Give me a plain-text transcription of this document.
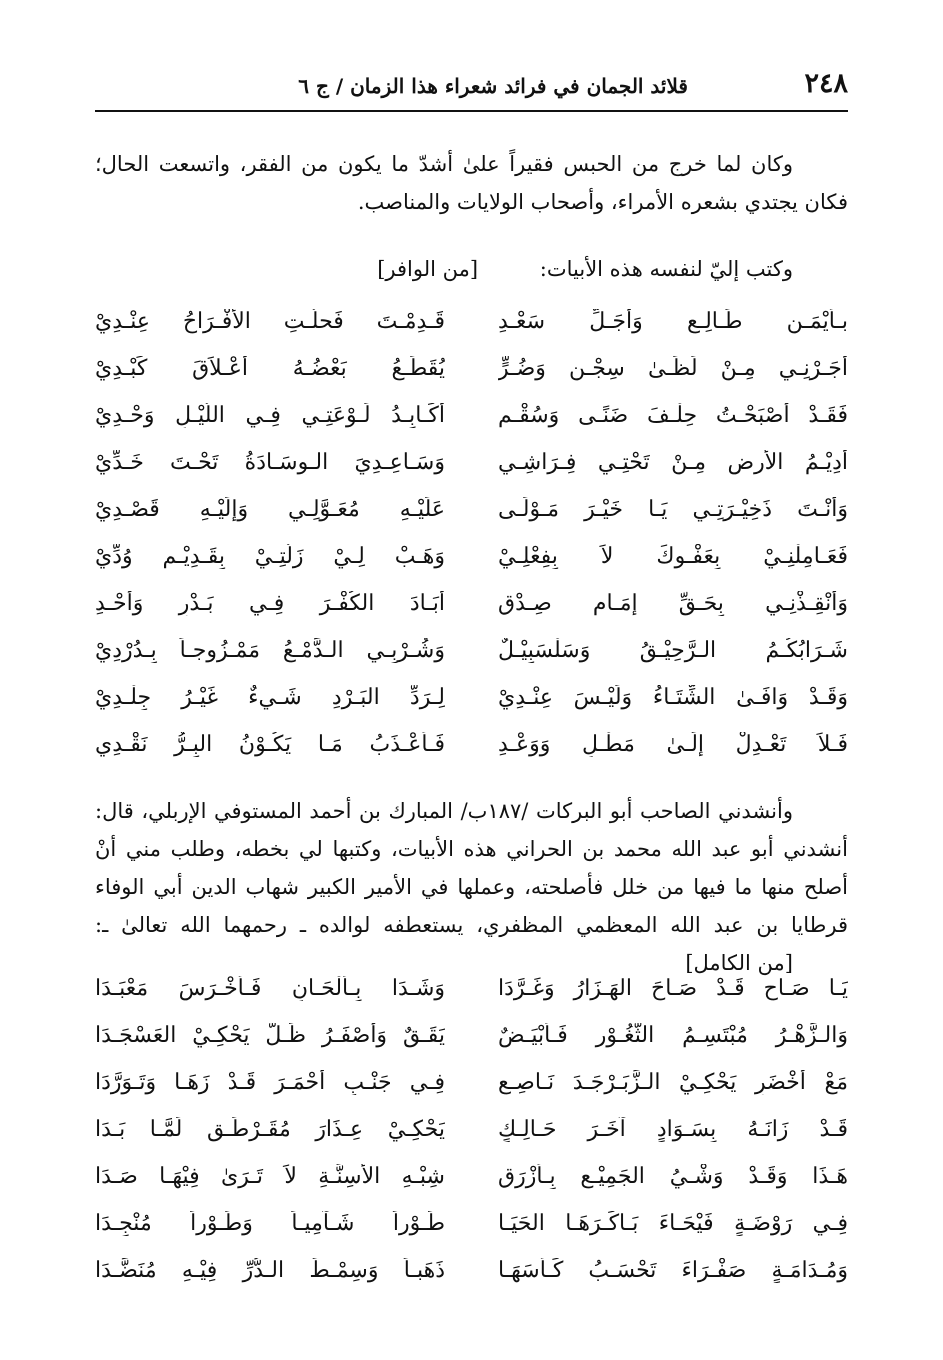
٢٤٨
قلائد الجمان في فرائد شعراء هذا الزمان / ج ٦

وكان لما خرج من الحبس فقيراً علىٰ أشدّ ما يكون من الفقر، واتسعت الحال؛ فكان يجتدي بشعره الأمراء، وأصحاب الولايات والمناصب.

وكتب إليّ لنفسه هذه الأبيات: [من الوافر]

بـأيْمَـنِ طَـالِـعٍ وَأجَـلِّ سَعْـدِ
قَـدِمْـتَ فَحلَّـتِ الأفْـرَاحُ عِنْـدِيْ
أجَـرْنِـي مِـنْ لَظَـىٰ سِجْـنٍ وَضُـرٍّ
يُقَطِّـعُ بَعْضُـهُ أعْـلاَقَ كَبْـدِيْ
فَقَـدْ أصْبَحْـتُ حِلْـفَ ضَنًـى وَسُقْـمٍ
أُكَـابِـدُ لَـوْعَتِـي فِـي اللَّيْـلِ وَحْـدِيْ
أدِيْـمُ الأرضِ مِـنْ تَحْتِـي فِـرَاشِـي
وَسَـاعِـدِيَ الـوِسَـادَةُ تَحْـتَ خَـدِّيْ
وَأنْـتَ ذَخِيْـرَتِـي يَـا خَيْـرَ مَـوْلًـى
عَلَيْـهِ مُعَـوَّلِـي وَإلَيْـهِ قَصْـدِيْ
فَعَـامِلْنِـيْ بِعَفْـوِكَ لاَ بِفِعْلِـيْ
وَهَـبْ لِـيْ زَلَّتِـيْ بِقَـدِيْـمِ وُدِّيْ
وَأنْقِـذْنِـي بِحَـقِّ إمَـامِ صِـدْقٍ
أبَـادَ الكُفْـرَ فِـي بَـدْرٍ وَأُحْـدِ
شَـرَابُكُـمُ الـرَّحِيْـقُ وَسَلْسَبِيْـلٌ
وَشُـرْبِـي الـدَّمْـعُ مَمْـزُوجـاً بِـدُرْدِيْ
وَقَـدْ وَافَـىٰ الشِّتَـاءُ وَلَيْـسَ عِنْـدِيْ
لِـرَدِّ البَـرْدِ شَـيءٌ غَيْـرُ جِلْـدِيْ
فَـلاَ تَعْـدِلْ إلَـىٰ مَطْـلٍ وَوَعْـدِ
فَـأعْـذَبُ مَـا يَكُـوْنُ البِـرُّ نَقْـدِي

وأنشدني الصاحب أبو البركات /١٨٧ب/ المبارك بن أحمد المستوفي الإربلي، قال: أنشدني أبو عبد الله محمد بن الحراني هذه الأبيات، وكتبها لي بخطه، وطلب مني أنْ أصلح منها ما فيها من خلل فأصلحته، وعملها في الأمير الكبير شهاب الدين أبي الوفاء قرطايا بن عبد الله المعظمي المظفري، يستعطفه لوالده ـ رحمهما الله تعالىٰ ـ: [من الكامل]

يَـا صَـاحِ قَـدْ صَـاحَ الهَـزَارُ وَغَـرَّدَا
وَشَـدَا بِـألْحَـانٍ فَـأخْـرَسَ مَعْبَـدَا
وَالـزَّهْـرُ مُبْتَسِـمُ الثُّغُـوْرِ فَـأبْيَـضٌ
يَقَـقٌ وَأصْفَـرُ ظَـلَّ يَحْكِـيْ العَسْجَـدَا
مَعْ أخْضَرٍ يَحْكِـيْ الـزَّبَـرْجَـدَ نَـاصِـعٍ
فِـي جَنْـبِ أحْمَـرَ قَـدْ زَهَـا وَتَـوَرَّدَا
قَـدْ زَانَـهُ بِسَـوَادٍ آخَـرَ حَـالِـكٍ
يَحْكِـيْ عِـذَارَ مُقَـرْطَـقٍ لَمَّـا بَـدَا
هَـذَا وَقَـدْ وَشْـيُ الجَمِيْـعِ بِـأزْرَقٍ
شِبْـهِ الأسِنَّـةِ لاَ تَـرَىٰ فِيْهَـا صَـدَا
فِـي رَوْضَـةٍ فَيْحَـاءَ بَـاكَـرَهَـا الحَيَـا
طَـوْراً شَـآمِيـاً وَطَـوْراً مُنْجِـدَا
وَمُـدَامَـةٍ صَفْـرَاءَ تَحْسَـبُ كَـأسَهَـا
ذَهَبـاً وَسِمْـطَ الـدُّرِّ فِيْـهِ مُنَضَّـدَا
